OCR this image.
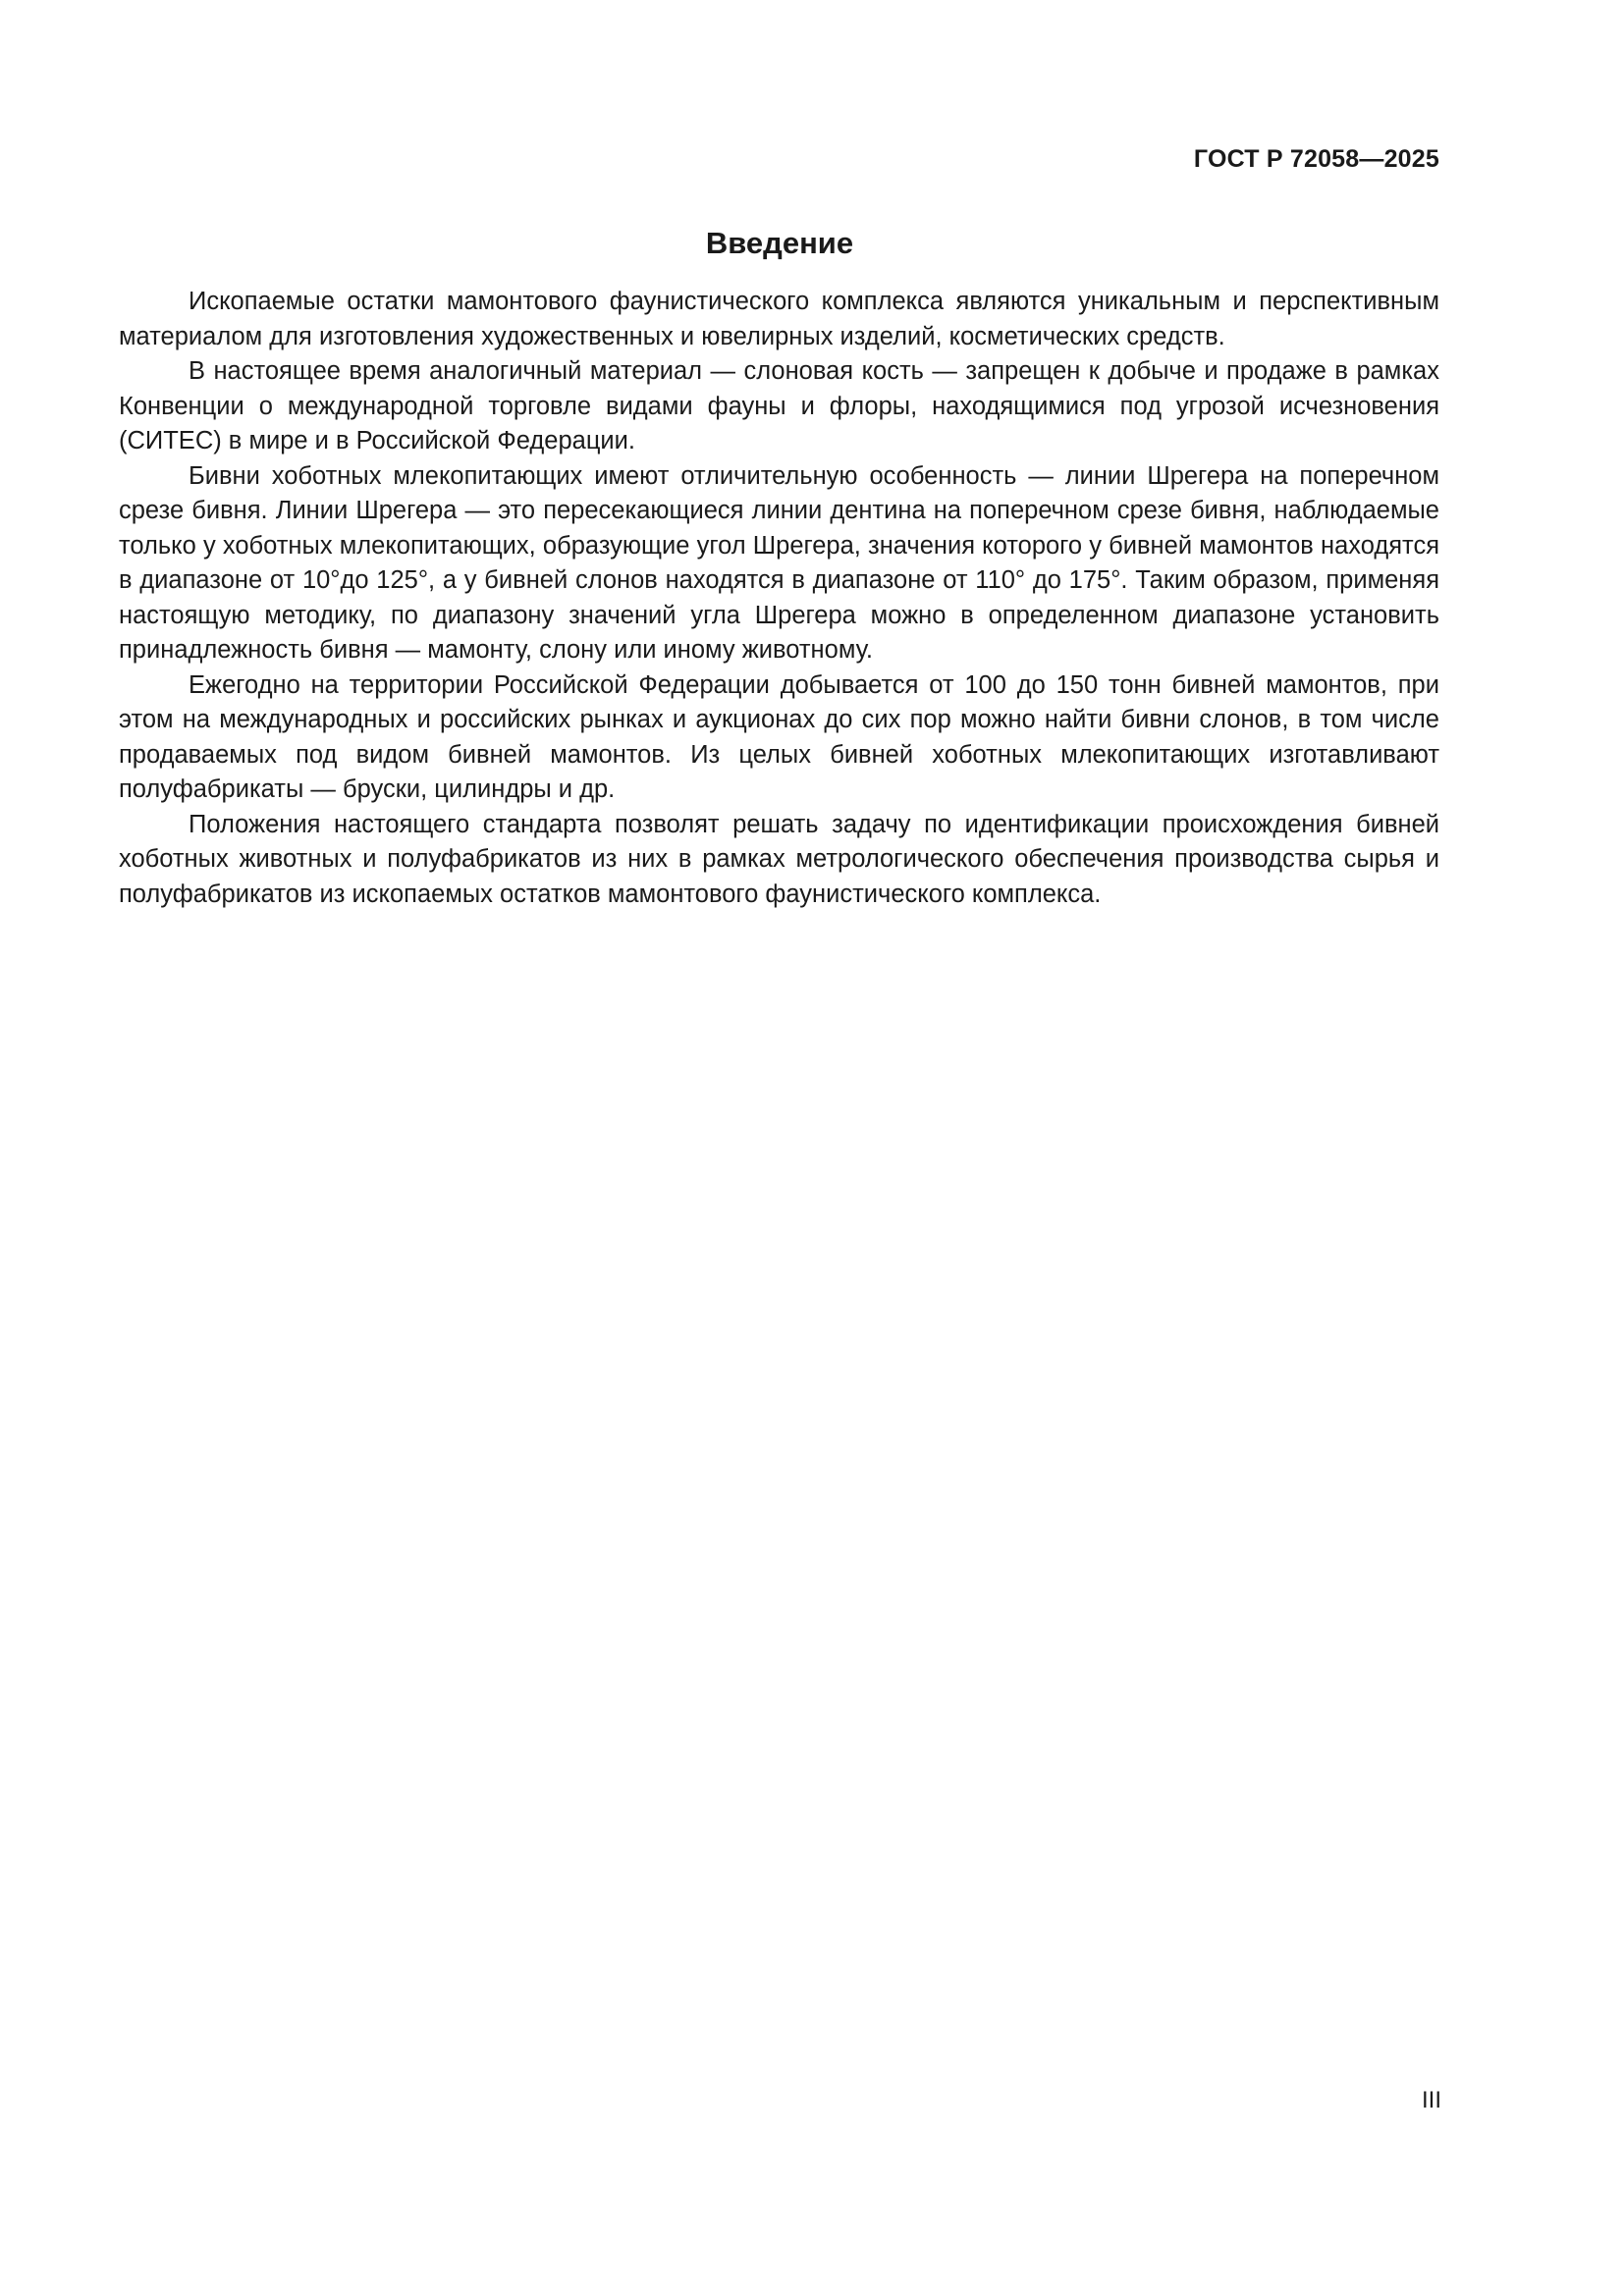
ГОСТ Р 72058—2025
Введение

Ископаемые остатки мамонтового фаунистического комплекса являются уникальным и перспективным материалом для изготовления художественных и ювелирных изделий, косметических средств.

В настоящее время аналогичный материал — слоновая кость — запрещен к добыче и продаже в рамках Конвенции о международной торговле видами фауны и флоры, находящимися под угрозой исчезновения (СИТЕС) в мире и в Российской Федерации.

Бивни хоботных млекопитающих имеют отличительную особенность — линии Шрегера на поперечном срезе бивня. Линии Шрегера — это пересекающиеся линии дентина на поперечном срезе бивня, наблюдаемые только у хоботных млекопитающих, образующие угол Шрегера, значения которого у бивней мамонтов находятся в диапазоне от 10°до 125°, а у бивней слонов находятся в диапазоне от 110° до 175°. Таким образом, применяя настоящую методику, по диапазону значений угла Шрегера можно в определенном диапазоне установить принадлежность бивня — мамонту, слону или иному животному.

Ежегодно на территории Российской Федерации добывается от 100 до 150 тонн бивней мамонтов, при этом на международных и российских рынках и аукционах до сих пор можно найти бивни слонов, в том числе продаваемых под видом бивней мамонтов. Из целых бивней хоботных млекопитающих изготавливают полуфабрикаты — бруски, цилиндры и др.

Положения настоящего стандарта позволят решать задачу по идентификации происхождения бивней хоботных животных и полуфабрикатов из них в рамках метрологического обеспечения производства сырья и полуфабрикатов из ископаемых остатков мамонтового фаунистического комплекса.

III
